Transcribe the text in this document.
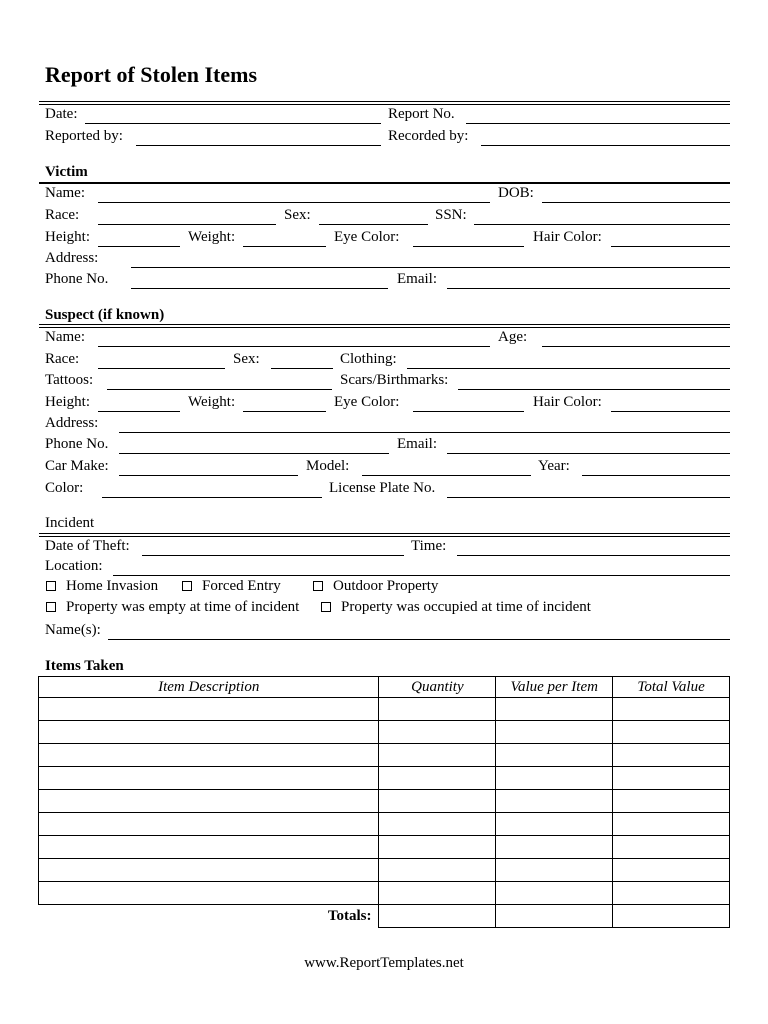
Report of Stolen Items
Date:	Report No.
Reported by:	Recorded by:
Victim
Name:	DOB:
Race:	Sex:	SSN:
Height:	Weight:	Eye Color:	Hair Color:
Address:
Phone No.	Email:
Suspect (if known)
Name:	Age:
Race:	Sex:	Clothing:
Tattoos:	Scars/Birthmarks:
Height:	Weight:	Eye Color:	Hair Color:
Address:
Phone No.	Email:
Car Make:	Model:	Year:
Color:	License Plate No.
Incident
Date of Theft:	Time:
Location:
Home Invasion	Forced Entry	Outdoor Property
Property was empty at time of incident	Property was occupied at time of incident
Name(s):
Items Taken
Item Description	Quantity	Value per Item	Total Value

Totals:			
www.ReportTemplates.net
